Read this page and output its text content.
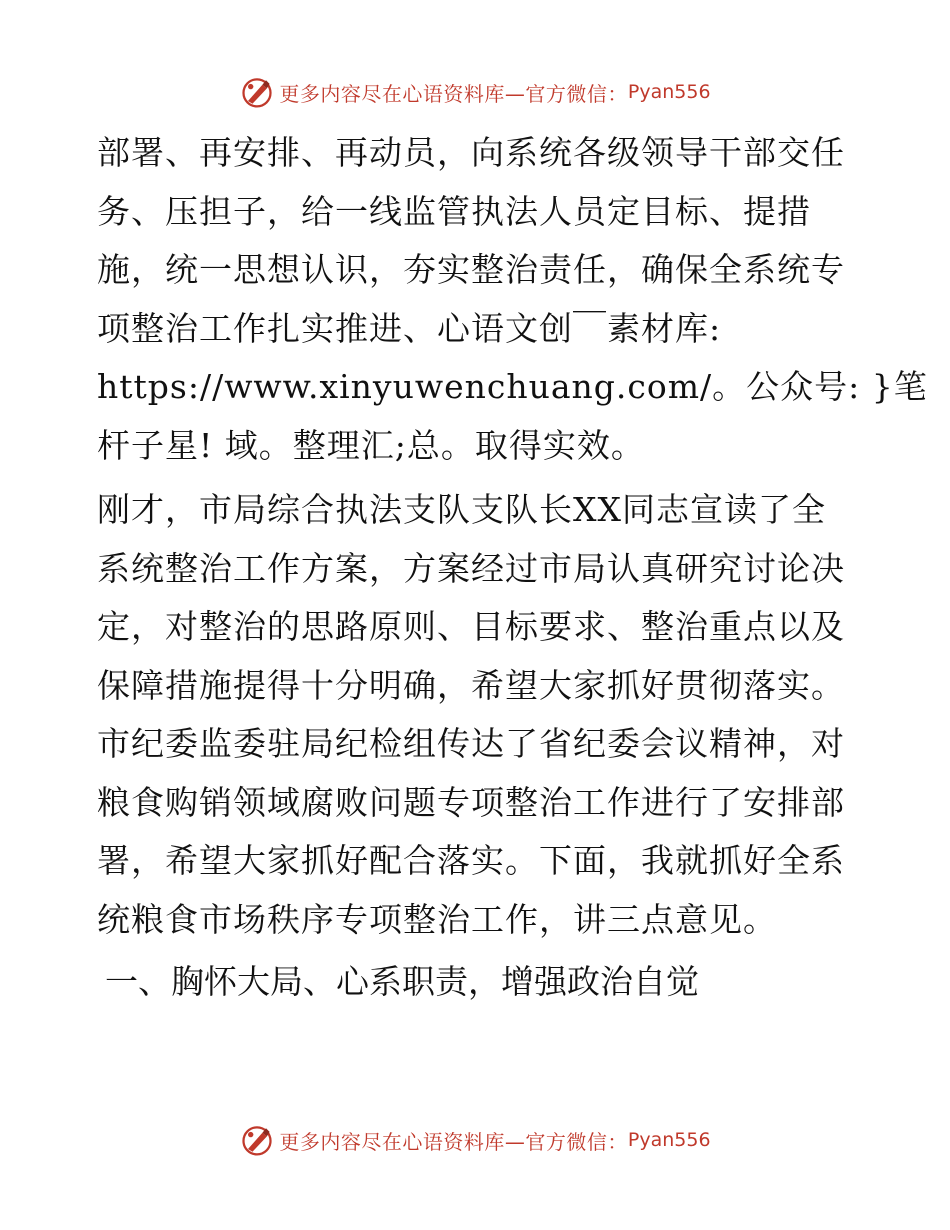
更多内容尽在心语资料库—官方微信： Pyan556
部署、再安排、再动员，向系统各级领导干部交任
务、压担子，给一线监管执法人员定目标、提措
施，统一思想认识，夯实整治责任，确保全系统专
项整治工作扎实推进、心语文创￣素材库:
https://www.xinyuwenchuang.com/。公众号: }笔
杆子星! 域。整理汇;总。取得实效。
刚才，市局综合执法支队支队长XX同志宣读了全
系统整治工作方案，方案经过市局认真研究讨论决
定，对整治的思路原则、目标要求、整治重点以及
保障措施提得十分明确，希望大家抓好贯彻落实。
市纪委监委驻局纪检组传达了省纪委会议精神，对
粮食购销领域腐败问题专项整治工作进行了安排部
署，希望大家抓好配合落实。下面，我就抓好全系
统粮食市场秩序专项整治工作，讲三点意见。
一、胸怀大局、心系职责，增强政治自觉
更多内容尽在心语资料库—官方微信： Pyan556
